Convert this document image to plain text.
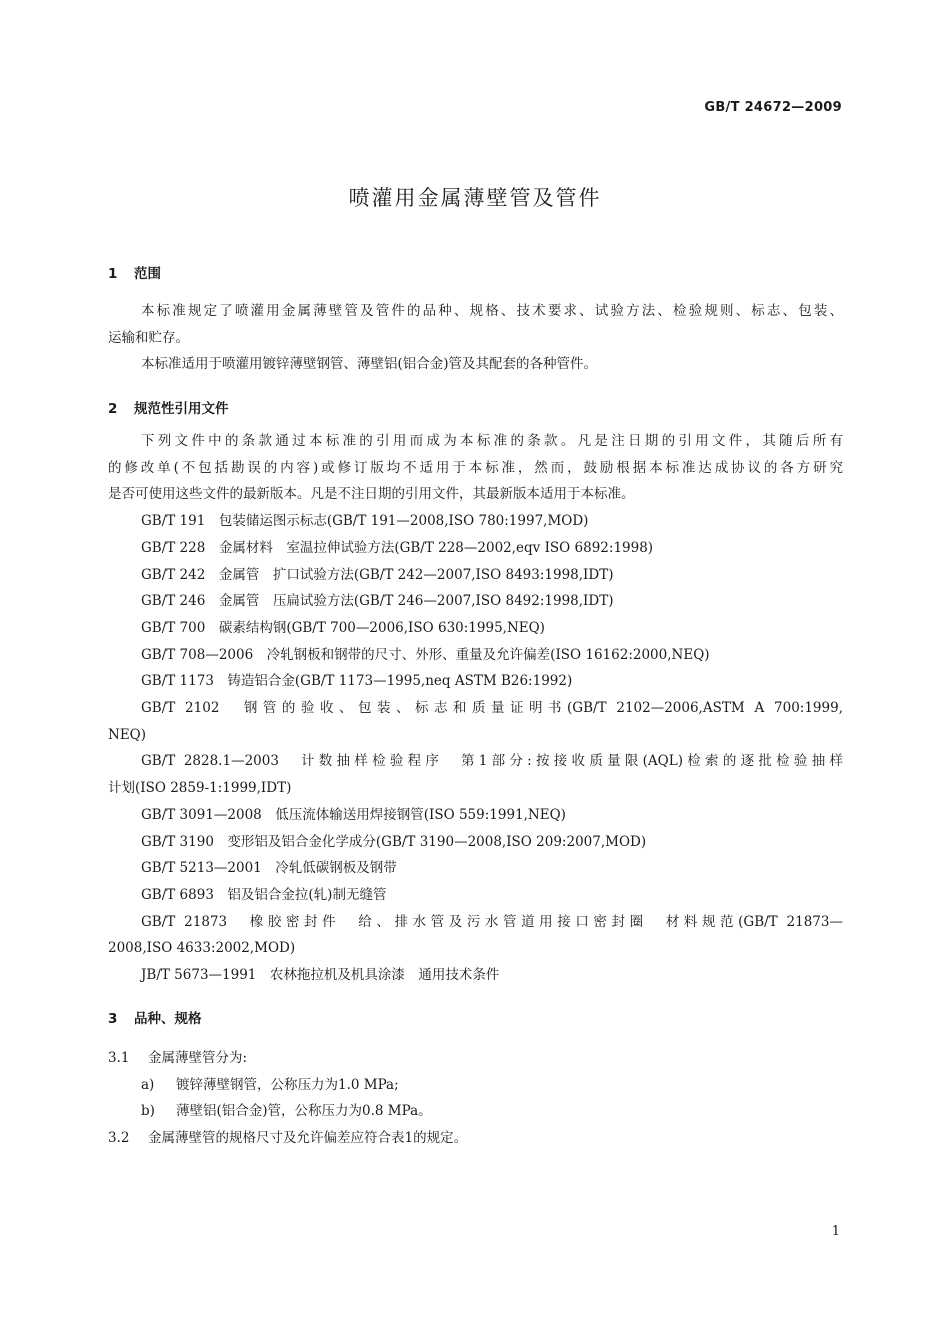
GB/T 24672—2009
喷灌用金属薄壁管及管件
1 范围
本标准规定了喷灌用金属薄壁管及管件的品种、规格、技术要求、试验方法、检验规则、标志、包装、
运输和贮存。
本标准适用于喷灌用镀锌薄壁钢管、薄壁铝(铝合金)管及其配套的各种管件。
2 规范性引用文件
下列文件中的条款通过本标准的引用而成为本标准的条款。凡是注日期的引用文件，其随后所有
的修改单(不包括勘误的内容)或修订版均不适用于本标准，然而，鼓励根据本标准达成协议的各方研究
是否可使用这些文件的最新版本。凡是不注日期的引用文件，其最新版本适用于本标准。
GB/T 191　包装储运图示标志(GB/T 191—2008,ISO 780:1997,MOD)
GB/T 228　金属材料　室温拉伸试验方法(GB/T 228—2002,eqv ISO 6892:1998)
GB/T 242　金属管　扩口试验方法(GB/T 242—2007,ISO 8493:1998,IDT)
GB/T 246　金属管　压扁试验方法(GB/T 246—2007,ISO 8492:1998,IDT)
GB/T 700　碳素结构钢(GB/T 700—2006,ISO 630:1995,NEQ)
GB/T 708—2006　冷轧钢板和钢带的尺寸、外形、重量及允许偏差(ISO 16162:2000,NEQ)
GB/T 1173　铸造铝合金(GB/T 1173—1995,neq ASTM B26:1992)
GB/T 2102　钢管的验收、包装、标志和质量证明书(GB/T 2102—2006,ASTM A 700:1999,
NEQ)
GB/T 2828.1—2003　计数抽样检验程序　第1部分:按接收质量限(AQL)检索的逐批检验抽样
计划(ISO 2859-1:1999,IDT)
GB/T 3091—2008　低压流体输送用焊接钢管(ISO 559:1991,NEQ)
GB/T 3190　变形铝及铝合金化学成分(GB/T 3190—2008,ISO 209:2007,MOD)
GB/T 5213—2001　冷轧低碳钢板及钢带
GB/T 6893　铝及铝合金拉(轧)制无缝管
GB/T 21873　橡胶密封件　给、排水管及污水管道用接口密封圈　材料规范(GB/T 21873—
2008,ISO 4633:2002,MOD)
JB/T 5673—1991　农林拖拉机及机具涂漆　通用技术条件
3 品种、规格
3.1 金属薄壁管分为:
a) 镀锌薄壁钢管，公称压力为1.0 MPa;
b) 薄壁铝(铝合金)管，公称压力为0.8 MPa。
3.2 金属薄壁管的规格尺寸及允许偏差应符合表1的规定。
1
